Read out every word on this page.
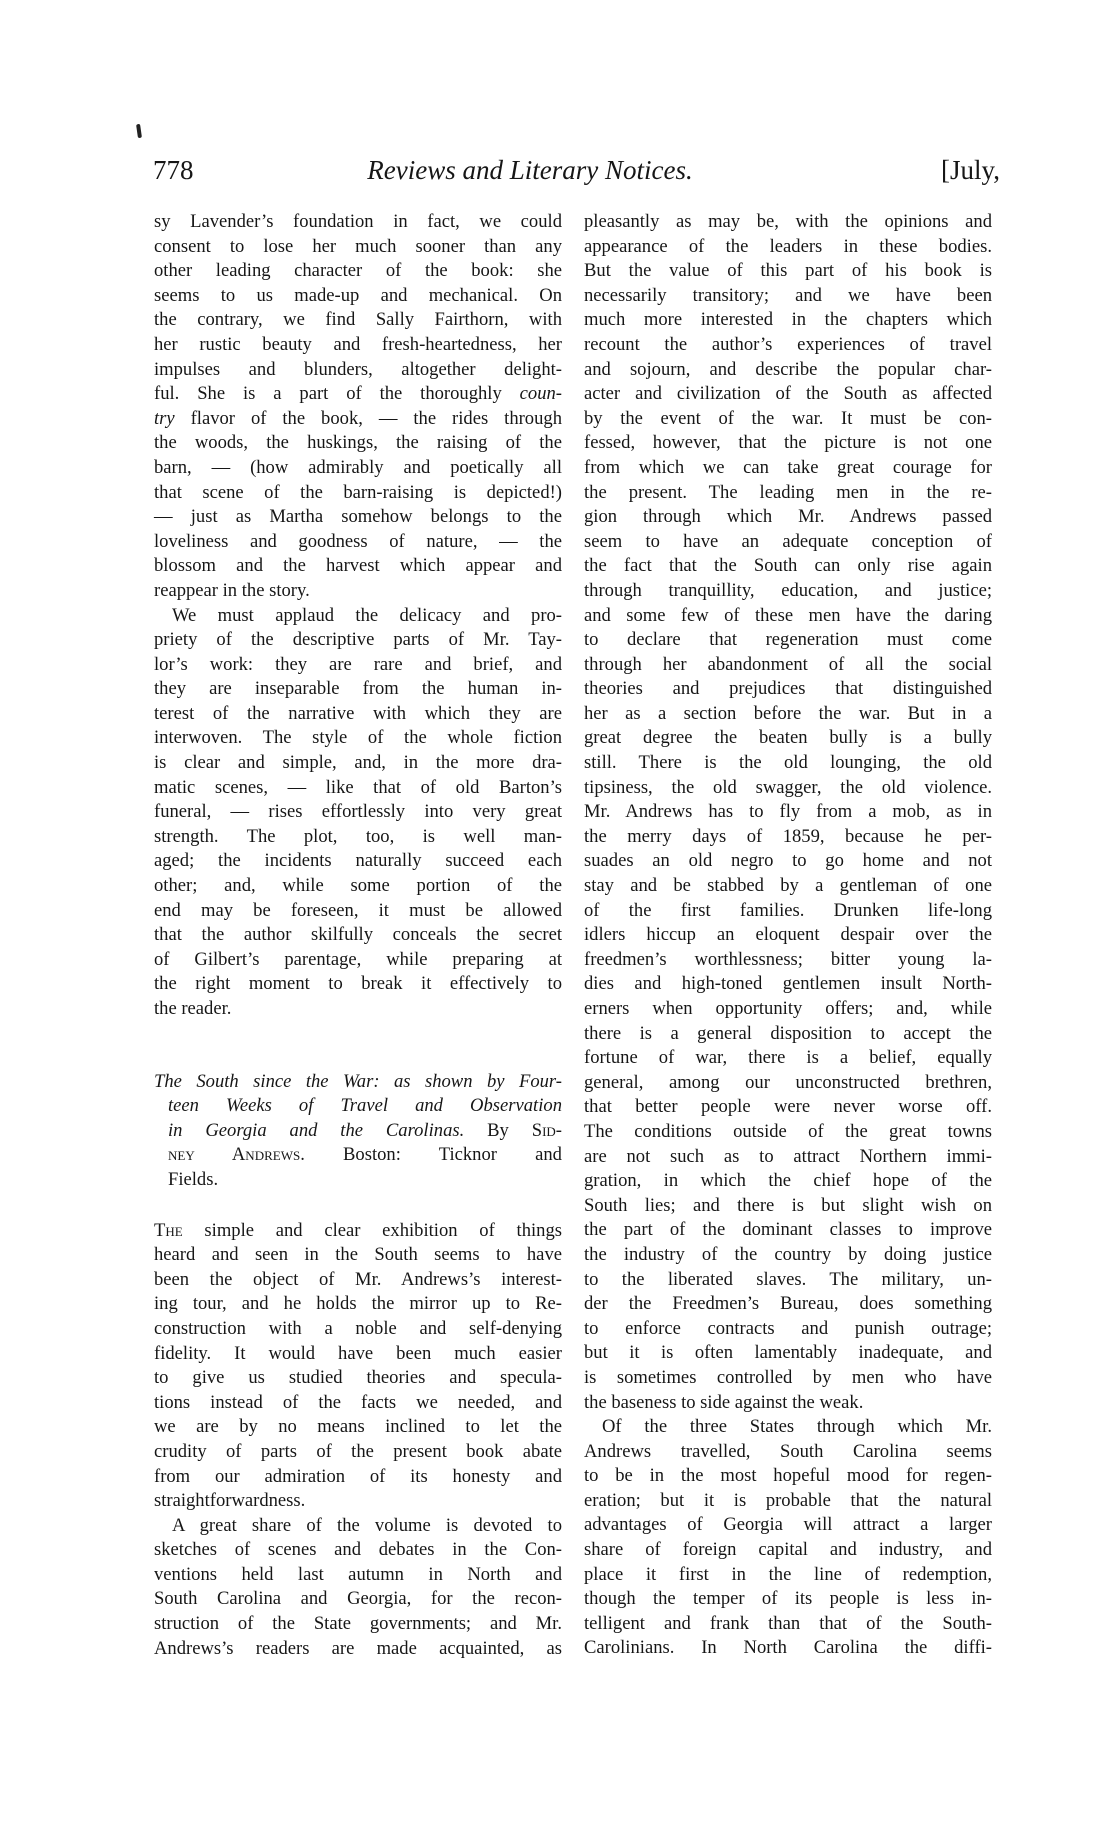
778	Reviews and Literary Notices.	[July,
sy Lavender’s foundation in fact, we could
consent to lose her much sooner than any
other leading character of the book: she
seems to us made-up and mechanical. On
the contrary, we find Sally Fairthorn, with
her rustic beauty and fresh-heartedness, her
impulses and blunders, altogether delight-
ful. She is a part of the thoroughly coun-
try flavor of the book, — the rides through
the woods, the huskings, the raising of the
barn, — (how admirably and poetically all
that scene of the barn-raising is depicted!)
— just as Martha somehow belongs to the
loveliness and goodness of nature, — the
blossom and the harvest which appear and
reappear in the story.
We must applaud the delicacy and pro-
priety of the descriptive parts of Mr. Tay-
lor’s work: they are rare and brief, and
they are inseparable from the human in-
terest of the narrative with which they are
interwoven. The style of the whole fiction
is clear and simple, and, in the more dra-
matic scenes, — like that of old Barton’s
funeral, — rises effortlessly into very great
strength. The plot, too, is well man-
aged; the incidents naturally succeed each
other; and, while some portion of the
end may be foreseen, it must be allowed
that the author skilfully conceals the secret
of Gilbert’s parentage, while preparing at
the right moment to break it effectively to
the reader.
The South since the War: as shown by Four-
teen Weeks of Travel and Observation
in Georgia and the Carolinas. By Sid-
ney Andrews. Boston: Ticknor and
Fields.
The simple and clear exhibition of things
heard and seen in the South seems to have
been the object of Mr. Andrews’s interest-
ing tour, and he holds the mirror up to Re-
construction with a noble and self-denying
fidelity. It would have been much easier
to give us studied theories and specula-
tions instead of the facts we needed, and
we are by no means inclined to let the
crudity of parts of the present book abate
from our admiration of its honesty and
straightforwardness.
A great share of the volume is devoted to
sketches of scenes and debates in the Con-
ventions held last autumn in North and
South Carolina and Georgia, for the recon-
struction of the State governments; and Mr.
Andrews’s readers are made acquainted, as
pleasantly as may be, with the opinions and
appearance of the leaders in these bodies.
But the value of this part of his book is
necessarily transitory; and we have been
much more interested in the chapters which
recount the author’s experiences of travel
and sojourn, and describe the popular char-
acter and civilization of the South as affected
by the event of the war. It must be con-
fessed, however, that the picture is not one
from which we can take great courage for
the present. The leading men in the re-
gion through which Mr. Andrews passed
seem to have an adequate conception of
the fact that the South can only rise again
through tranquillity, education, and justice;
and some few of these men have the daring
to declare that regeneration must come
through her abandonment of all the social
theories and prejudices that distinguished
her as a section before the war. But in a
great degree the beaten bully is a bully
still. There is the old lounging, the old
tipsiness, the old swagger, the old violence.
Mr. Andrews has to fly from a mob, as in
the merry days of 1859, because he per-
suades an old negro to go home and not
stay and be stabbed by a gentleman of one
of the first families. Drunken life-long
idlers hiccup an eloquent despair over the
freedmen’s worthlessness; bitter young la-
dies and high-toned gentlemen insult North-
erners when opportunity offers; and, while
there is a general disposition to accept the
fortune of war, there is a belief, equally
general, among our unconstructed brethren,
that better people were never worse off.
The conditions outside of the great towns
are not such as to attract Northern immi-
gration, in which the chief hope of the
South lies; and there is but slight wish on
the part of the dominant classes to improve
the industry of the country by doing justice
to the liberated slaves. The military, un-
der the Freedmen’s Bureau, does something
to enforce contracts and punish outrage;
but it is often lamentably inadequate, and
is sometimes controlled by men who have
the baseness to side against the weak.
Of the three States through which Mr.
Andrews travelled, South Carolina seems
to be in the most hopeful mood for regen-
eration; but it is probable that the natural
advantages of Georgia will attract a larger
share of foreign capital and industry, and
place it first in the line of redemption,
though the temper of its people is less in-
telligent and frank than that of the South-
Carolinians. In North Carolina the diffi-
